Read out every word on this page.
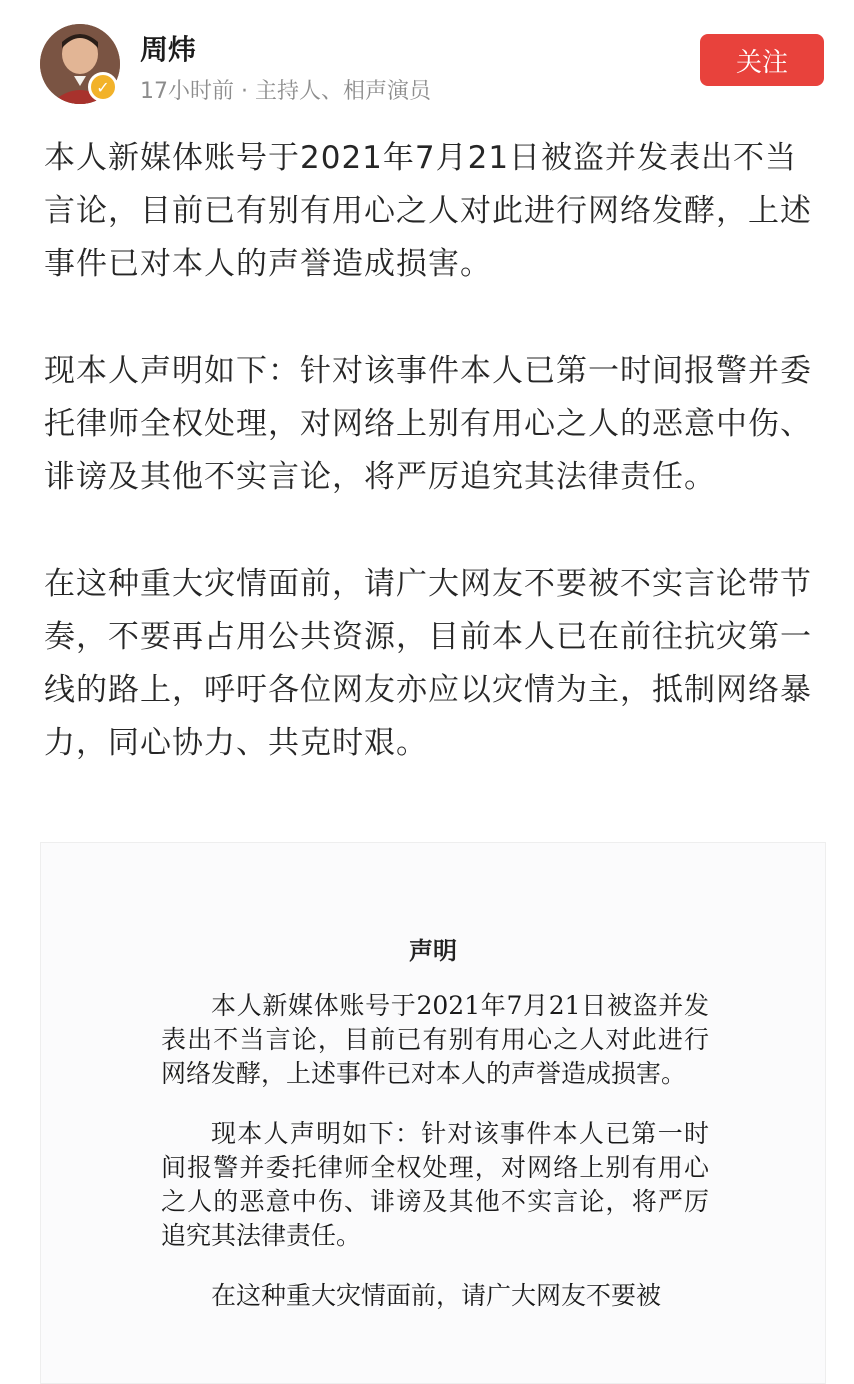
✓
周炜
17小时前 · 主持人、相声演员
关注

本人新媒体账号于2021年7月21日被盗并发表出不当言论，目前已有别有用心之人对此进行网络发酵，上述事件已对本人的声誉造成损害。

现本人声明如下：针对该事件本人已第一时间报警并委托律师全权处理，对网络上别有用心之人的恶意中伤、诽谤及其他不实言论，将严厉追究其法律责任。

在这种重大灾情面前，请广大网友不要被不实言论带节奏，不要再占用公共资源，目前本人已在前往抗灾第一线的路上，呼吁各位网友亦应以灾情为主，抵制网络暴力，同心协力、共克时艰。

声明

本人新媒体账号于2021年7月21日被盗并发表出不当言论，目前已有别有用心之人对此进行网络发酵，上述事件已对本人的声誉造成损害。

现本人声明如下：针对该事件本人已第一时间报警并委托律师全权处理，对网络上别有用心之人的恶意中伤、诽谤及其他不实言论，将严厉追究其法律责任。

在这种重大灾情面前，请广大网友不要被
